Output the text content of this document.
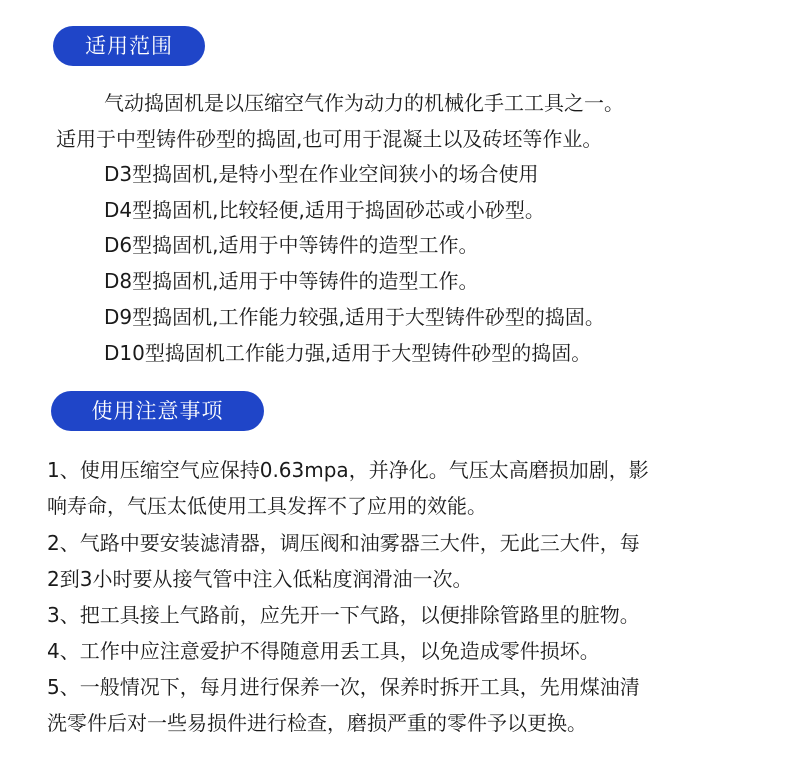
适用范围
气动捣固机是以压缩空气作为动力的机械化手工工具之一。
适用于中型铸件砂型的捣固,也可用于混凝土以及砖坯等作业。
D3型捣固机,是特小型在作业空间狭小的场合使用
D4型捣固机,比较轻便,适用于捣固砂芯或小砂型。
D6型捣固机,适用于中等铸件的造型工作。
D8型捣固机,适用于中等铸件的造型工作。
D9型捣固机,工作能力较强,适用于大型铸件砂型的捣固。
D10型捣固机工作能力强,适用于大型铸件砂型的捣固。
使用注意事项
1、使用压缩空气应保持0.63mpa，并净化。气压太高磨损加剧，影
响寿命，气压太低使用工具发挥不了应用的效能。
2、气路中要安装滤清器，调压阀和油雾器三大件，无此三大件，每
2到3小时要从接气管中注入低粘度润滑油一次。
3、把工具接上气路前，应先开一下气路，以便排除管路里的脏物。
4、工作中应注意爱护不得随意用丢工具，以免造成零件损坏。
5、一般情况下，每月进行保养一次，保养时拆开工具，先用煤油清
洗零件后对一些易损件进行检查，磨损严重的零件予以更换。
